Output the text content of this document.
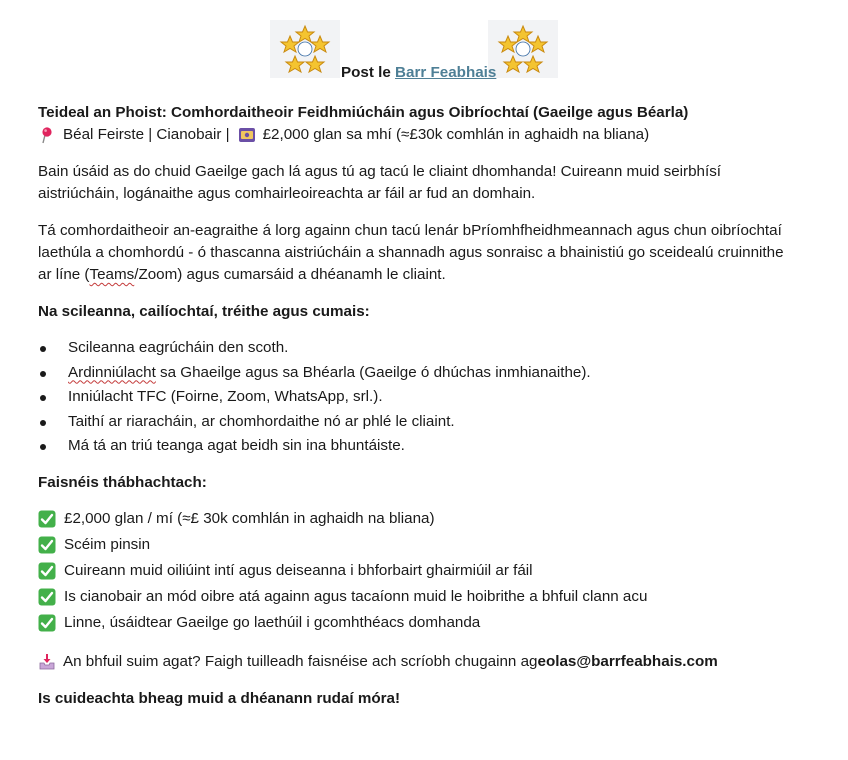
Post le Barr Feabhais

Teideal an Phoist: Comhordaitheoir Feidhmiúcháin agus Oibríochtaí (Gaeilge agus Béarla)

Béal Feirste | Cianobair | £2,000 glan sa mhí (≈£30k comhlán in aghaidh na bliana)

Bain úsáid as do chuid Gaeilge gach lá agus tú ag tacú le cliaint dhomhanda! Cuireann muid seirbhísí aistriúcháin, logánaithe agus comhairleoireachta ar fáil ar fud an domhain.

Tá comhordaitheoir an-eagraithe á lorg againn chun tacú lenár bPríomhfheidhmeannach agus chun oibríochtaí laethúla a chomhordú - ó thascanna aistriúcháin a shannadh agus sonraisc a bhainistiú go sceidealú cruinnithe ar líne (Teams/Zoom) agus cumarsáid a dhéanamh le cliaint.

Na scileanna, cailíochtaí, tréithe agus cumais:

Scileanna eagrúcháin den scoth.
Ardinniúlacht sa Ghaeilge agus sa Bhéarla (Gaeilge ó dhúchas inmhianaithe).
Inniúlacht TFC (Foirne, Zoom, WhatsApp, srl.).
Taithí ar riaracháin, ar chomhordaithe nó ar phlé le cliaint.
Má tá an triú teanga agat beidh sin ina bhuntáiste.

Faisnéis thábhachtach:

£2,000 glan / mí (≈£ 30k comhlán in aghaidh na bliana)
Scéim pinsin
Cuireann muid oiliúint intí agus deiseanna i bhforbairt ghairmiúil ar fáil
Is cianobair an mód oibre atá againn agus tacaíonn muid le hoibrithe a bhfuil clann acu
Linne, úsáidtear Gaeilge go laethúil i gcomhthéacs domhanda
An bhfuil suim agat? Faigh tuilleadh faisnéise ach scríobh chugainn ag eolas@barrfeabhais.com

Is cuideachta bheag muid a dhéanann rudaí móra!
